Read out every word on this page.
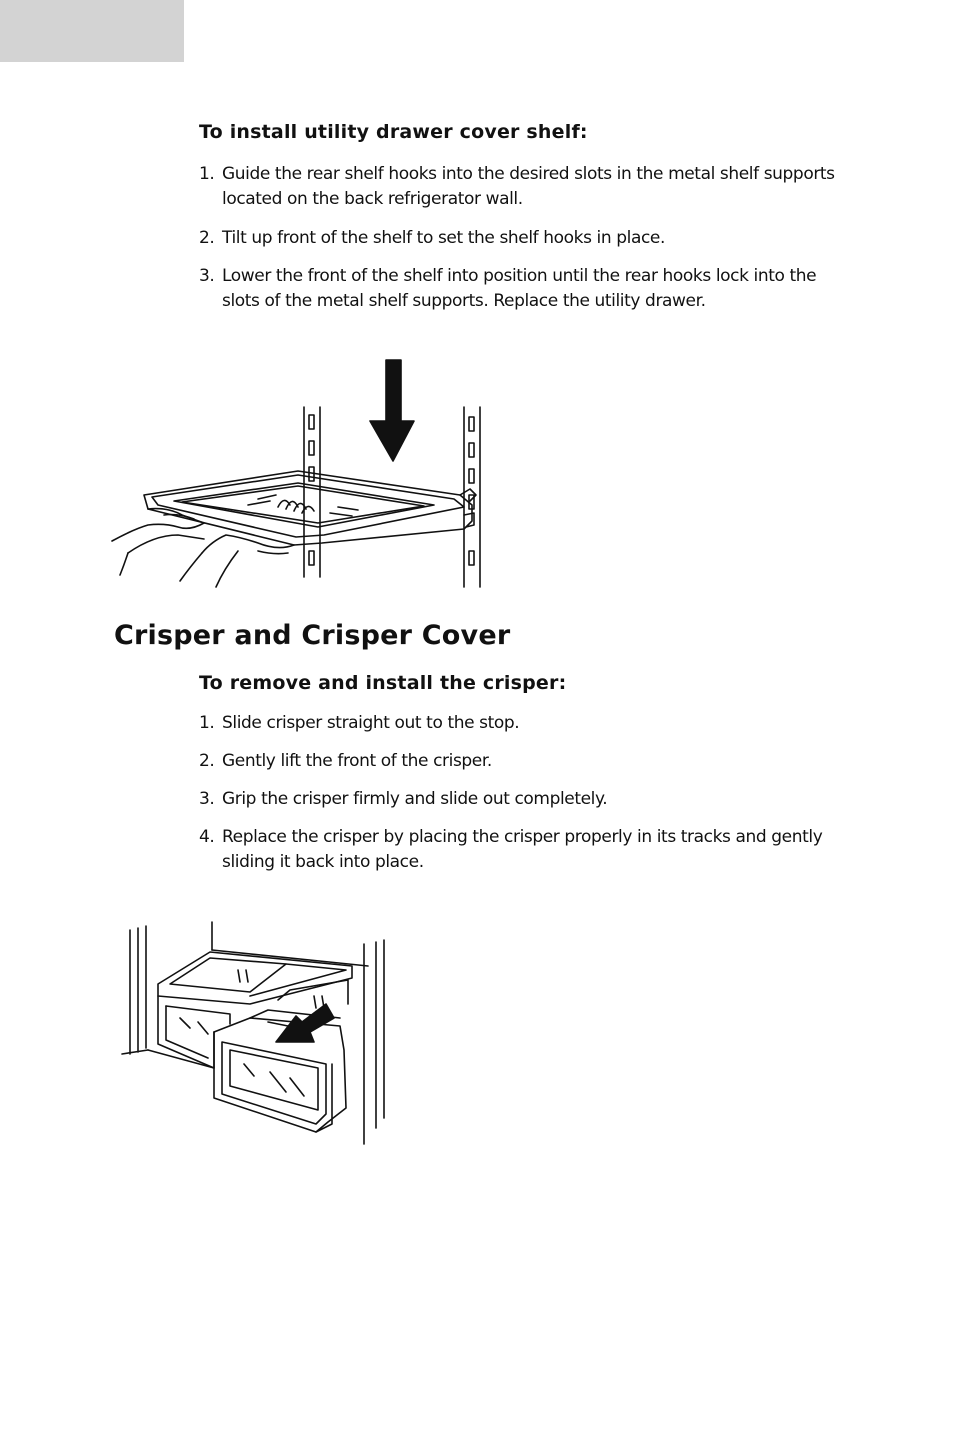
To install utility drawer cover shelf:
1. Guide the rear shelf hooks into the desired slots in the metal shelf supports located on the back refrigerator wall.
2. Tilt up front of the shelf to set the shelf hooks in place.
3. Lower the front of the shelf into position until the rear hooks lock into the slots of the metal shelf supports. Replace the utility drawer.
Crisper and Crisper Cover
To remove and install the crisper:
1. Slide crisper straight out to the stop.
2. Gently lift the front of the crisper.
3. Grip the crisper firmly and slide out completely.
4. Replace the crisper by placing the crisper properly in its tracks and gently sliding it back into place.
